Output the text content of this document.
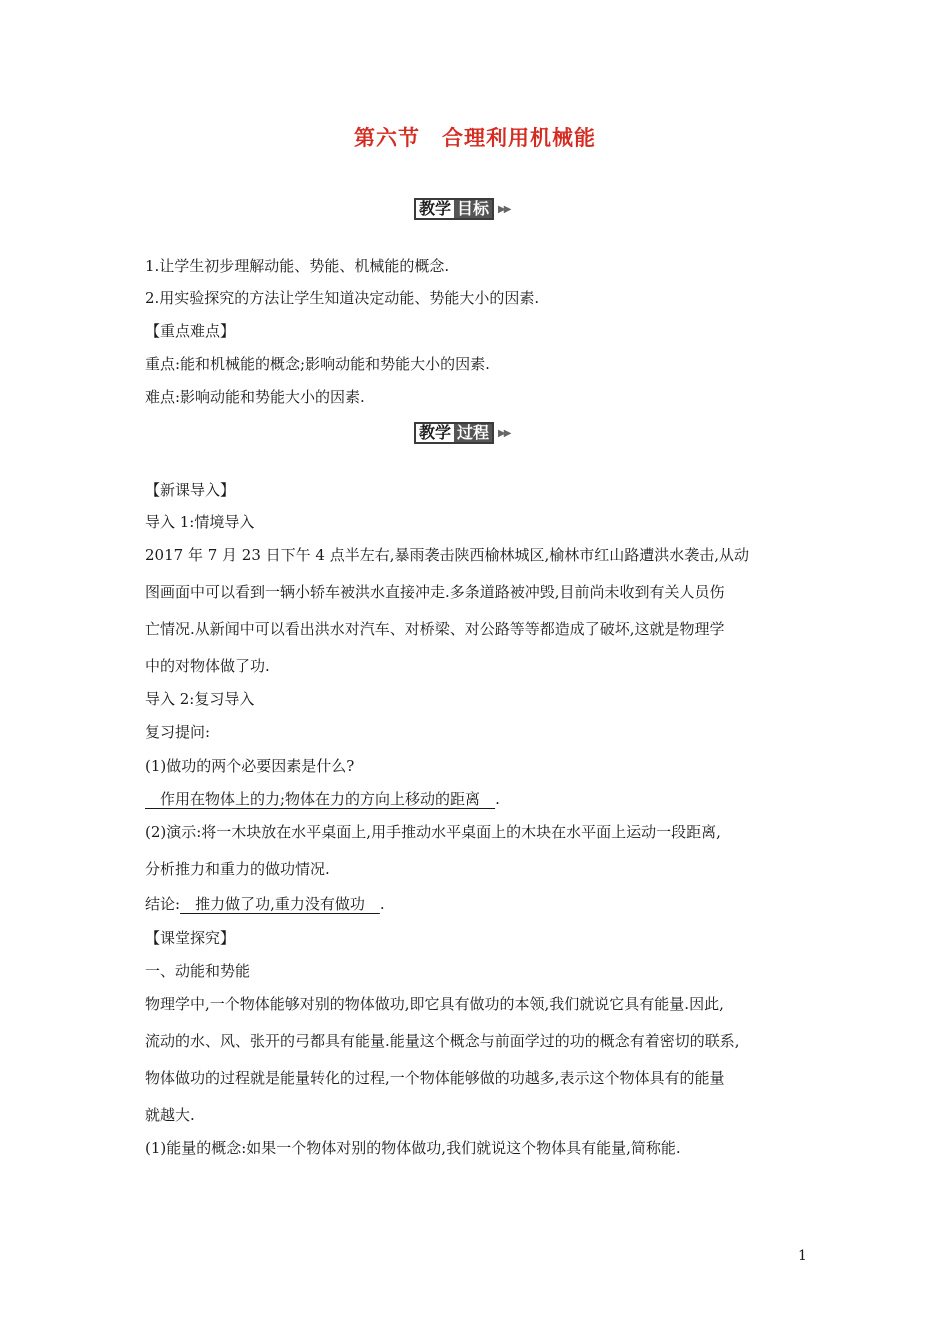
第六节　合理利用机械能
教学 目标 ▶▶
1.让学生初步理解动能、势能、机械能的概念.
2.用实验探究的方法让学生知道决定动能、势能大小的因素.
【重点难点】
重点:能和机械能的概念;影响动能和势能大小的因素.
难点:影响动能和势能大小的因素.
教学 过程 ▶▶
【新课导入】
导入 1:情境导入
2017 年 7 月 23 日下午 4 点半左右,暴雨袭击陕西榆林城区,榆林市红山路遭洪水袭击,从动
图画面中可以看到一辆小轿车被洪水直接冲走.多条道路被冲毁,目前尚未收到有关人员伤
亡情况.从新闻中可以看出洪水对汽车、对桥梁、对公路等等都造成了破坏,这就是物理学
中的对物体做了功.
导入 2:复习导入
复习提问:
(1)做功的两个必要因素是什么?
　作用在物体上的力;物体在力的方向上移动的距离　.
(2)演示:将一木块放在水平桌面上,用手推动水平桌面上的木块在水平面上运动一段距离,
分析推力和重力的做功情况.
结论:　推力做了功,重力没有做功　.
【课堂探究】
一、动能和势能
物理学中,一个物体能够对别的物体做功,即它具有做功的本领,我们就说它具有能量.因此,
流动的水、风、张开的弓都具有能量.能量这个概念与前面学过的功的概念有着密切的联系,
物体做功的过程就是能量转化的过程,一个物体能够做的功越多,表示这个物体具有的能量
就越大.
(1)能量的概念:如果一个物体对别的物体做功,我们就说这个物体具有能量,简称能.
1
